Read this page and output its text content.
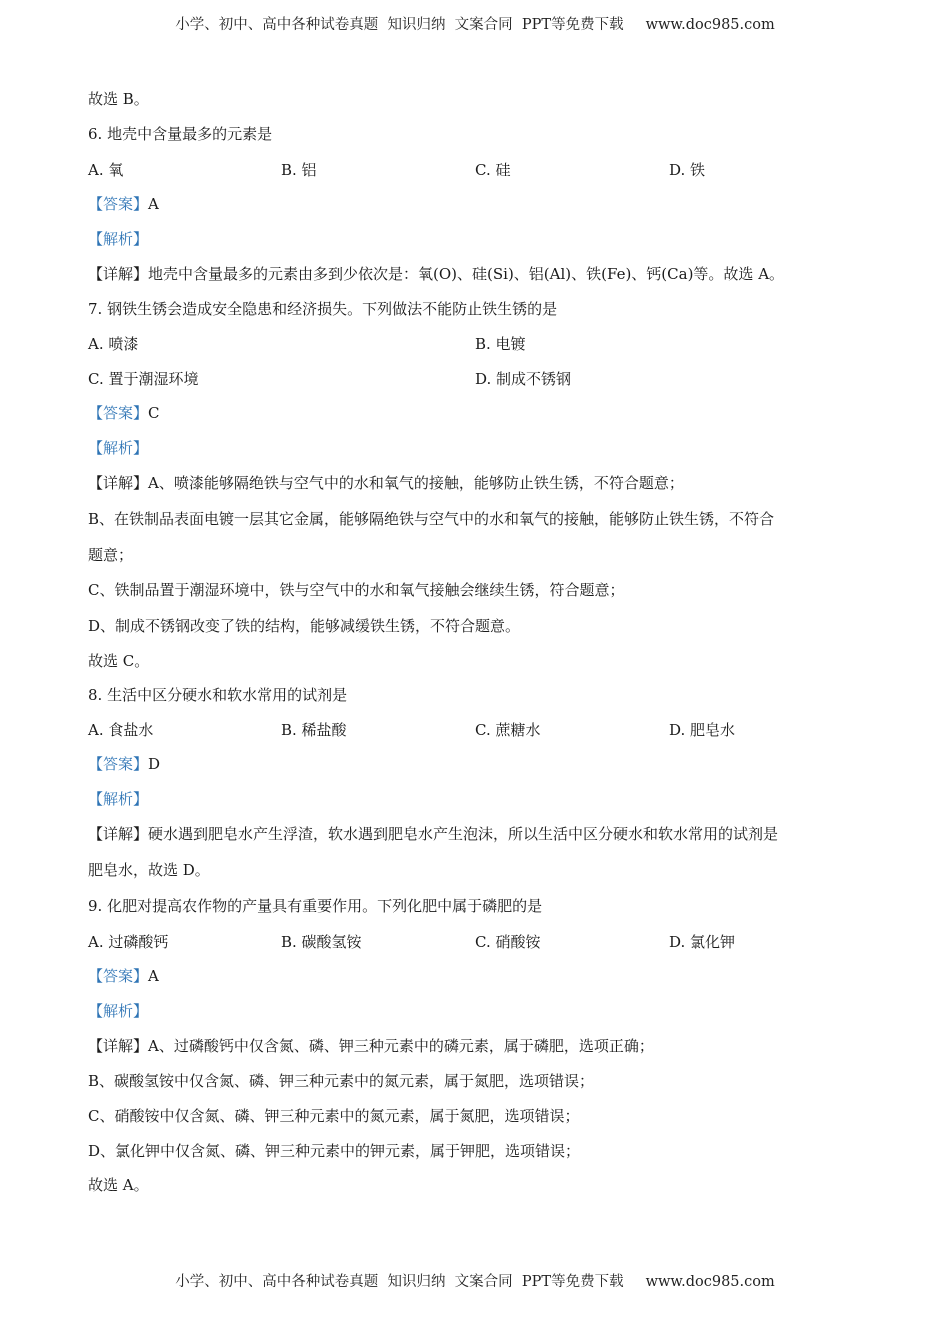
小学、初中、高中各种试卷真题  知识归纳  文案合同  PPT等免费下载 www.doc985.com
故选 B。
6. 地壳中含量最多的元素是
A. 氧	B. 铝	C. 硅	D. 铁
【答案】A
【解析】
【详解】地壳中含量最多的元素由多到少依次是：氧(O)、硅(Si)、铝(Al)、铁(Fe)、钙(Ca)等。故选 A。
7. 钢铁生锈会造成安全隐患和经济损失。下列做法不能防止铁生锈的是
A. 喷漆	B. 电镀
C. 置于潮湿环境	D. 制成不锈钢
【答案】C
【解析】
【详解】A、喷漆能够隔绝铁与空气中的水和氧气的接触，能够防止铁生锈，不符合题意；
B、在铁制品表面电镀一层其它金属，能够隔绝铁与空气中的水和氧气的接触，能够防止铁生锈，不符合
题意；
C、铁制品置于潮湿环境中，铁与空气中的水和氧气接触会继续生锈，符合题意；
D、制成不锈钢改变了铁的结构，能够减缓铁生锈，不符合题意。
故选 C。
8. 生活中区分硬水和软水常用的试剂是
A. 食盐水	B. 稀盐酸	C. 蔗糖水	D. 肥皂水
【答案】D
【解析】
【详解】硬水遇到肥皂水产生浮渣，软水遇到肥皂水产生泡沫，所以生活中区分硬水和软水常用的试剂是
肥皂水，故选 D。
9. 化肥对提高农作物的产量具有重要作用。下列化肥中属于磷肥的是
A. 过磷酸钙	B. 碳酸氢铵	C. 硝酸铵	D. 氯化钾
【答案】A
【解析】
【详解】A、过磷酸钙中仅含氮、磷、钾三种元素中的磷元素，属于磷肥，选项正确；
B、碳酸氢铵中仅含氮、磷、钾三种元素中的氮元素，属于氮肥，选项错误；
C、硝酸铵中仅含氮、磷、钾三种元素中的氮元素，属于氮肥，选项错误；
D、氯化钾中仅含氮、磷、钾三种元素中的钾元素，属于钾肥，选项错误；
故选 A。
小学、初中、高中各种试卷真题  知识归纳  文案合同  PPT等免费下载 www.doc985.com
